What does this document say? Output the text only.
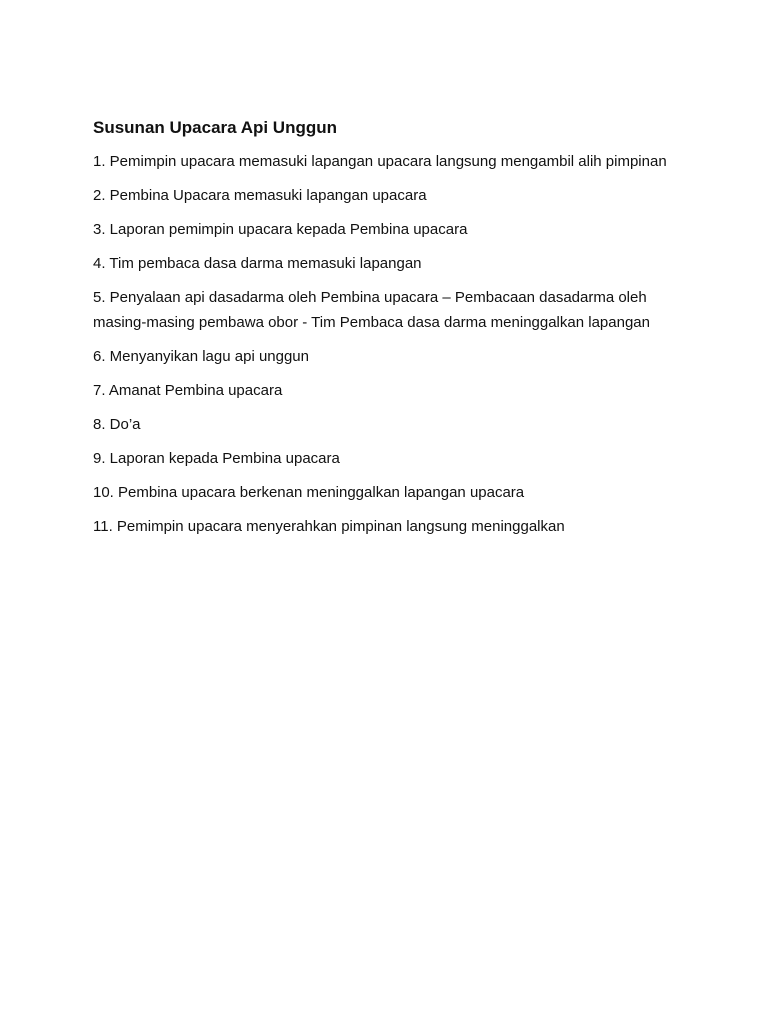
Susunan Upacara Api Unggun
1. Pemimpin upacara memasuki lapangan upacara langsung mengambil alih pimpinan
2. Pembina Upacara memasuki lapangan upacara
3. Laporan pemimpin upacara kepada Pembina upacara
4. Tim pembaca dasa darma memasuki lapangan
5. Penyalaan api dasadarma oleh Pembina upacara – Pembacaan dasadarma oleh masing-masing pembawa obor - Tim Pembaca dasa darma meninggalkan lapangan
6. Menyanyikan lagu api unggun
7. Amanat Pembina upacara
8. Do’a
9. Laporan kepada Pembina upacara
10. Pembina upacara berkenan meninggalkan lapangan upacara
11. Pemimpin upacara menyerahkan pimpinan langsung meninggalkan
